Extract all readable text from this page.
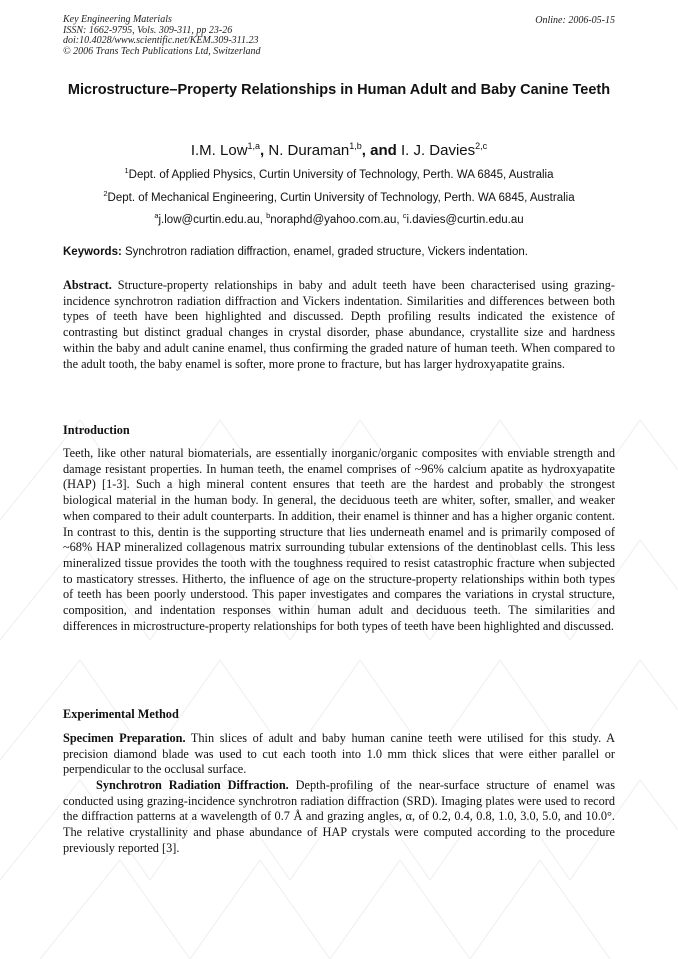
Key Engineering Materials
ISSN: 1662-9795, Vols. 309-311, pp 23-26
doi:10.4028/www.scientific.net/KEM.309-311.23
© 2006 Trans Tech Publications Ltd, Switzerland
Online: 2006-05-15
Microstructure–Property Relationships in Human Adult and Baby Canine Teeth
I.M. Low$^{1,a}$, N. Duraman$^{1,b}$, and I. J. Davies$^{2,c}$
$^1$Dept. of Applied Physics, Curtin University of Technology, Perth. WA 6845, Australia
$^2$Dept. of Mechanical Engineering, Curtin University of Technology, Perth. WA 6845, Australia
$^a$j.low@curtin.edu.au, $^b$noraphd@yahoo.com.au, $^c$i.davies@curtin.edu.au
Keywords: Synchrotron radiation diffraction, enamel, graded structure, Vickers indentation.
Abstract. Structure-property relationships in baby and adult teeth have been characterised using grazing-incidence synchrotron radiation diffraction and Vickers indentation. Similarities and differences between both types of teeth have been highlighted and discussed. Depth profiling results indicated the existence of contrasting but distinct gradual changes in crystal disorder, phase abundance, crystallite size and hardness within the baby and adult canine enamel, thus confirming the graded nature of human teeth. When compared to the adult tooth, the baby enamel is softer, more prone to fracture, but has larger hydroxyapatite grains.
Introduction
Teeth, like other natural biomaterials, are essentially inorganic/organic composites with enviable strength and damage resistant properties. In human teeth, the enamel comprises of ~96% calcium apatite as hydroxyapatite (HAP) [1-3]. Such a high mineral content ensures that teeth are the hardest and probably the strongest biological material in the human body. In general, the deciduous teeth are whiter, softer, smaller, and weaker when compared to their adult counterparts. In addition, their enamel is thinner and has a higher organic content. In contrast to this, dentin is the supporting structure that lies underneath enamel and is primarily composed of ~68% HAP mineralized collagenous matrix surrounding tubular extensions of the dentinoblast cells. This less mineralized tissue provides the tooth with the toughness required to resist catastrophic fracture when subjected to masticatory stresses. Hitherto, the influence of age on the structure-property relationships within both types of teeth has been poorly understood. This paper investigates and compares the variations in crystal structure, composition, and indentation responses within human adult and deciduous teeth. The similarities and differences in microstructure-property relationships for both types of teeth have been highlighted and discussed.
Experimental Method
Specimen Preparation. Thin slices of adult and baby human canine teeth were utilised for this study. A precision diamond blade was used to cut each tooth into 1.0 mm thick slices that were either parallel or perpendicular to the occlusal surface.
Synchrotron Radiation Diffraction. Depth-profiling of the near-surface structure of enamel was conducted using grazing-incidence synchrotron radiation diffraction (SRD). Imaging plates were used to record the diffraction patterns at a wavelength of 0.7 Å and grazing angles, α, of 0.2, 0.4, 0.8, 1.0, 3.0, 5.0, and 10.0°. The relative crystallinity and phase abundance of HAP crystals were computed according to the procedure previously reported [3].
